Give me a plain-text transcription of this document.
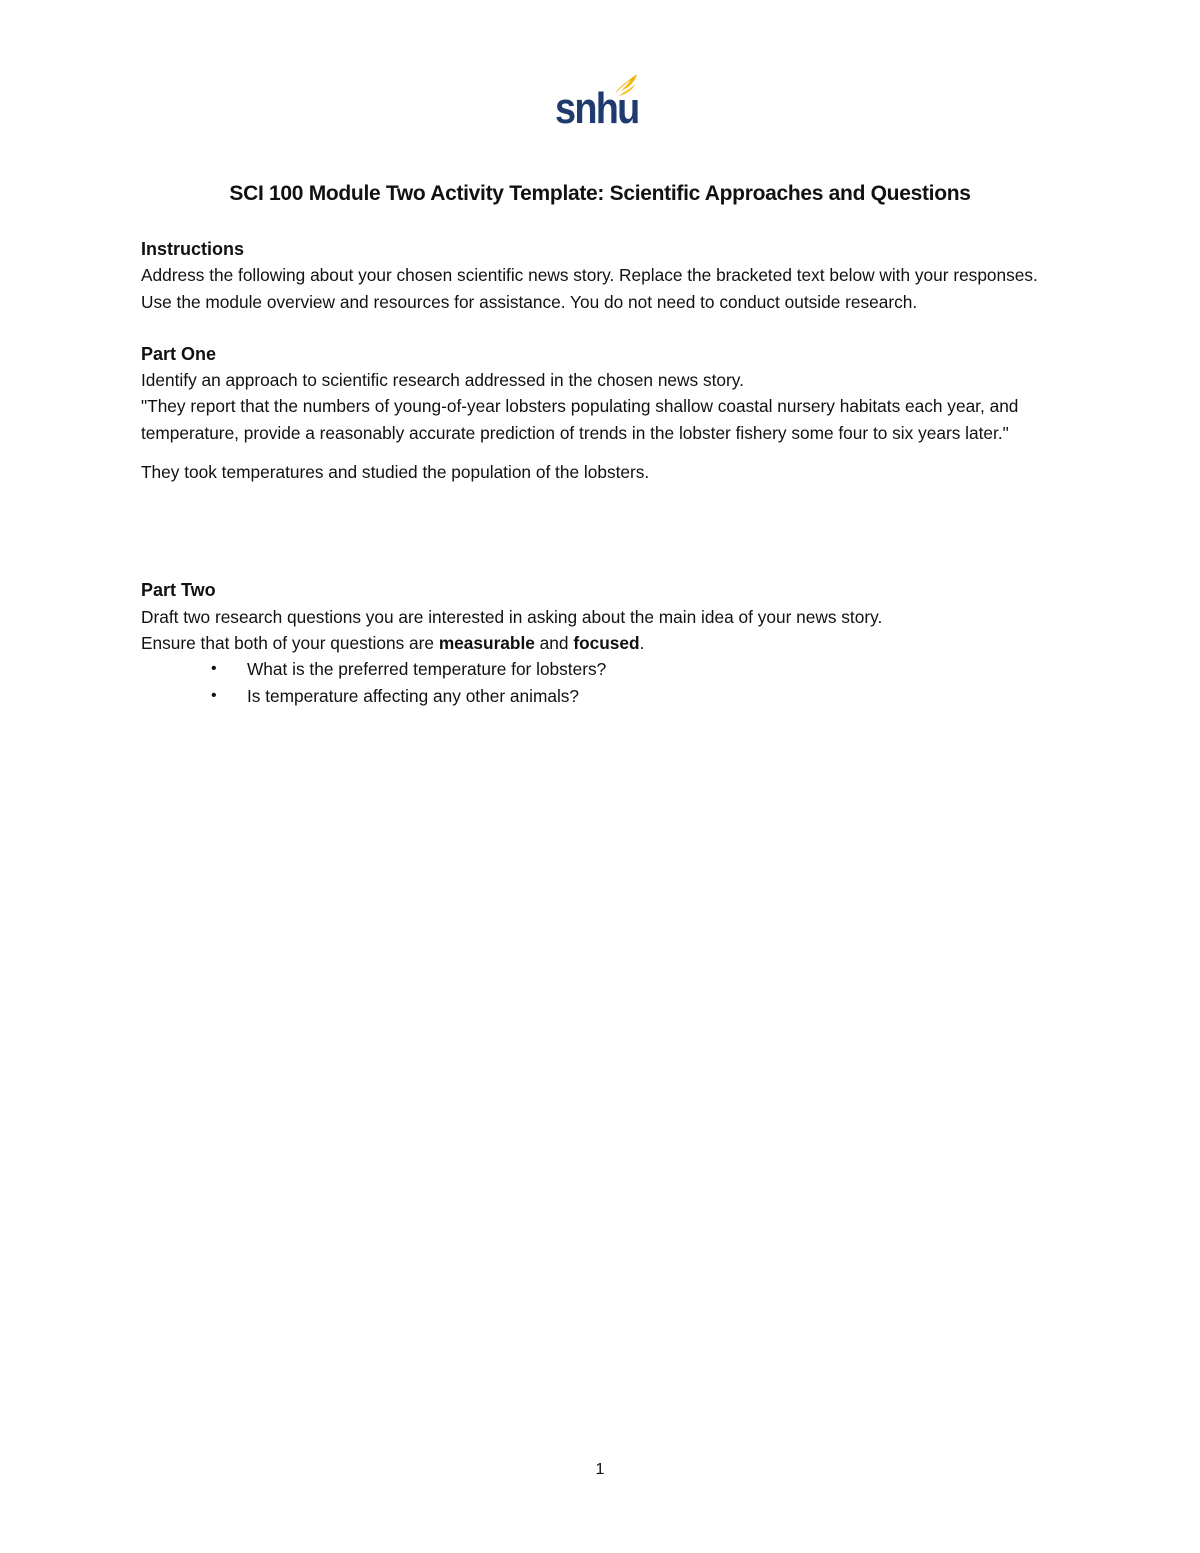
snhu
SCI 100 Module Two Activity Template: Scientific Approaches and Questions

Instructions

Address the following about your chosen scientific news story. Replace the bracketed text below with your responses. Use the module overview and resources for assistance. You do not need to conduct outside research.

Part One

Identify an approach to scientific research addressed in the chosen news story.

"They report that the numbers of young-of-year lobsters populating shallow coastal nursery habitats each year, and temperature, provide a reasonably accurate prediction of trends in the lobster fishery some four to six years later."

They took temperatures and studied the population of the lobsters.

Part Two

Draft two research questions you are interested in asking about the main idea of your news story.

Ensure that both of your questions are measurable and focused.

• What is the preferred temperature for lobsters?
• Is temperature affecting any other animals?
1
